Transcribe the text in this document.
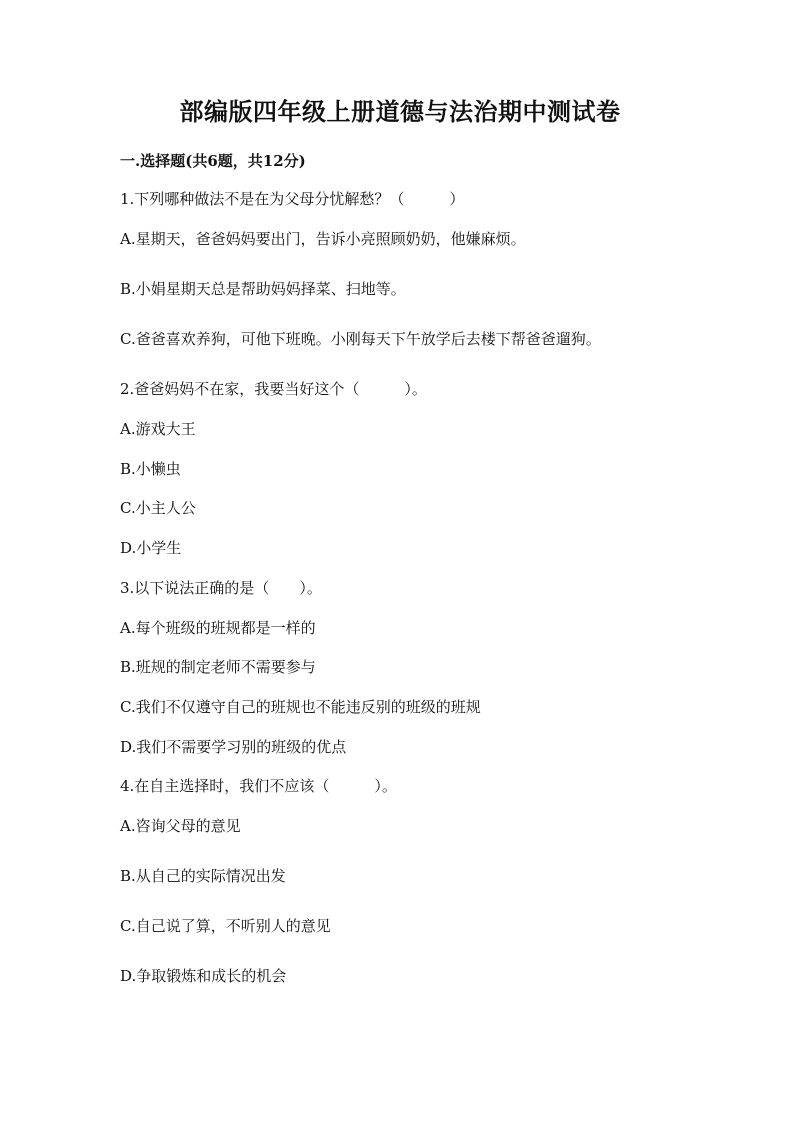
部编版四年级上册道德与法治期中测试卷

一.选择题(共6题，共12分)

1.下列哪种做法不是在为父母分忧解愁？（　　　）

A.星期天，爸爸妈妈要出门，告诉小亮照顾奶奶，他嫌麻烦。

B.小娟星期天总是帮助妈妈择菜、扫地等。

C.爸爸喜欢养狗，可他下班晚。小刚每天下午放学后去楼下帮爸爸遛狗。

2.爸爸妈妈不在家，我要当好这个（　　　）。

A.游戏大王

B.小懒虫

C.小主人公

D.小学生

3.以下说法正确的是（　　）。

A.每个班级的班规都是一样的

B.班规的制定老师不需要参与

C.我们不仅遵守自己的班规也不能违反别的班级的班规

D.我们不需要学习别的班级的优点

4.在自主选择时，我们不应该（　　　）。

A.咨询父母的意见

B.从自己的实际情况出发

C.自己说了算，不听别人的意见

D.争取锻炼和成长的机会
